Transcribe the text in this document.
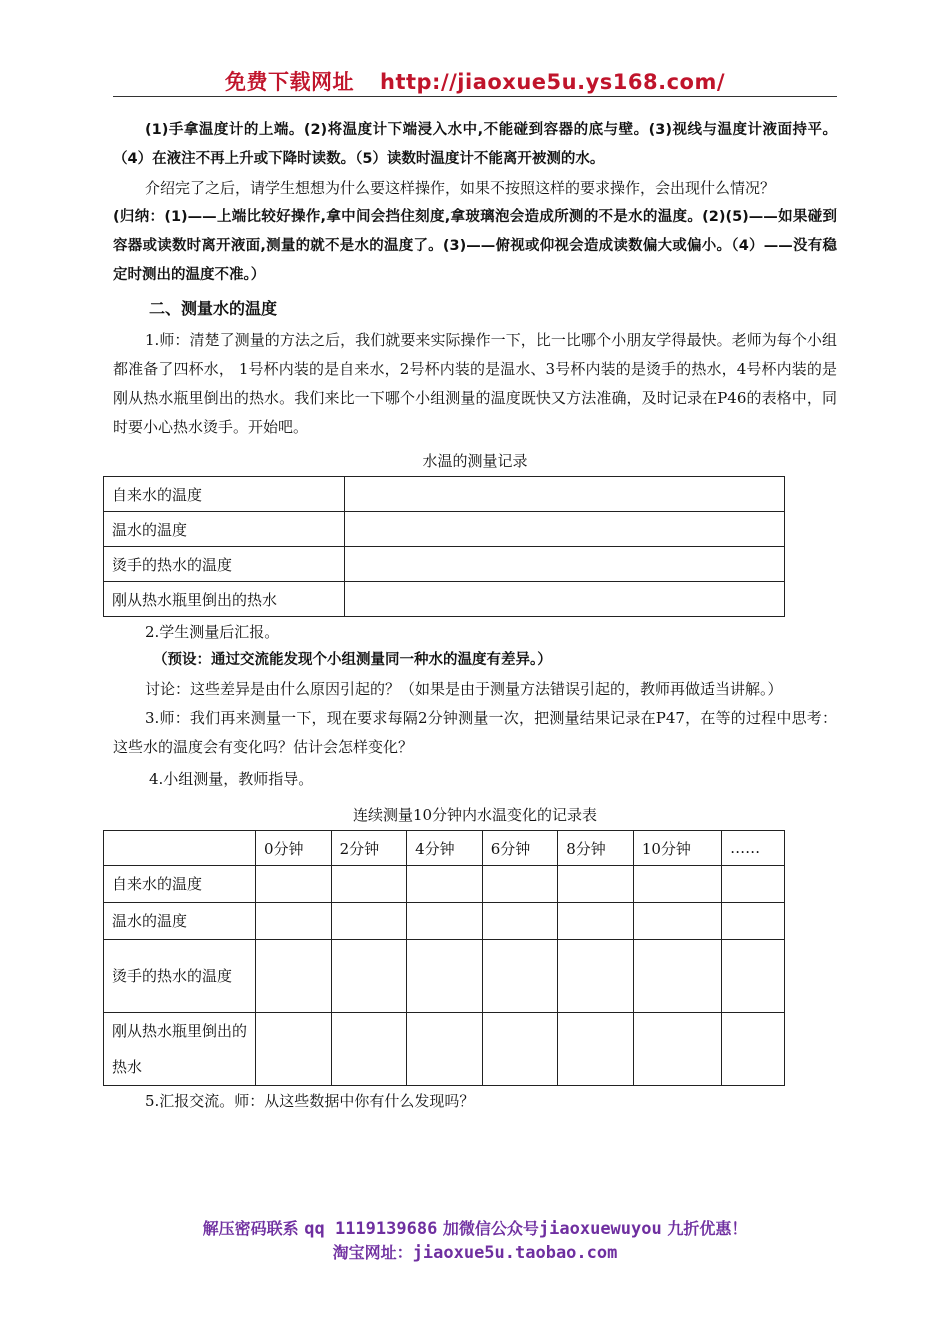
免费下载网址 http://jiaoxue5u.ys168.com/

(1)手拿温度计的上端。(2)将温度计下端浸入水中,不能碰到容器的底与壁。(3)视线与温度计液面持平。（4）在液注不再上升或下降时读数。（5）读数时温度计不能离开被测的水。

介绍完了之后，请学生想想为什么要这样操作，如果不按照这样的要求操作，会出现什么情况？

(归纳：(1)——上端比较好操作,拿中间会挡住刻度,拿玻璃泡会造成所测的不是水的温度。(2)(5)——如果碰到容器或读数时离开液面,测量的就不是水的温度了。(3)——俯视或仰视会造成读数偏大或偏小。（4）——没有稳定时测出的温度不准。）

二、测量水的温度

1.师：清楚了测量的方法之后，我们就要来实际操作一下，比一比哪个小朋友学得最快。老师为每个小组都准备了四杯水， 1号杯内装的是自来水，2号杯内装的是温水、3号杯内装的是烫手的热水，4号杯内装的是刚从热水瓶里倒出的热水。我们来比一下哪个小组测量的温度既快又方法准确，及时记录在P46的表格中，同时要小心热水烫手。开始吧。

水温的测量记录
自来水的温度	
温水的温度	
烫手的热水的温度	
刚从热水瓶里倒出的热水	

2.学生测量后汇报。

（预设：通过交流能发现个小组测量同一种水的温度有差异。）

讨论：这些差异是由什么原因引起的？（如果是由于测量方法错误引起的，教师再做适当讲解。）

3.师：我们再来测量一下，现在要求每隔2分钟测量一次，把测量结果记录在P47，在等的过程中思考：这些水的温度会有变化吗？估计会怎样变化？

4.小组测量，教师指导。

连续测量10分钟内水温变化的记录表
	0分钟	2分钟	4分钟	6分钟	8分钟	10分钟	……
自来水的温度							
温水的温度							
烫手的热水的温度							
刚从热水瓶里倒出的热水							

5.汇报交流。师：从这些数据中你有什么发现吗？

解压密码联系 qq 1119139686 加微信公众号jiaoxuewuyou 九折优惠！
淘宝网址：jiaoxue5u.taobao.com
